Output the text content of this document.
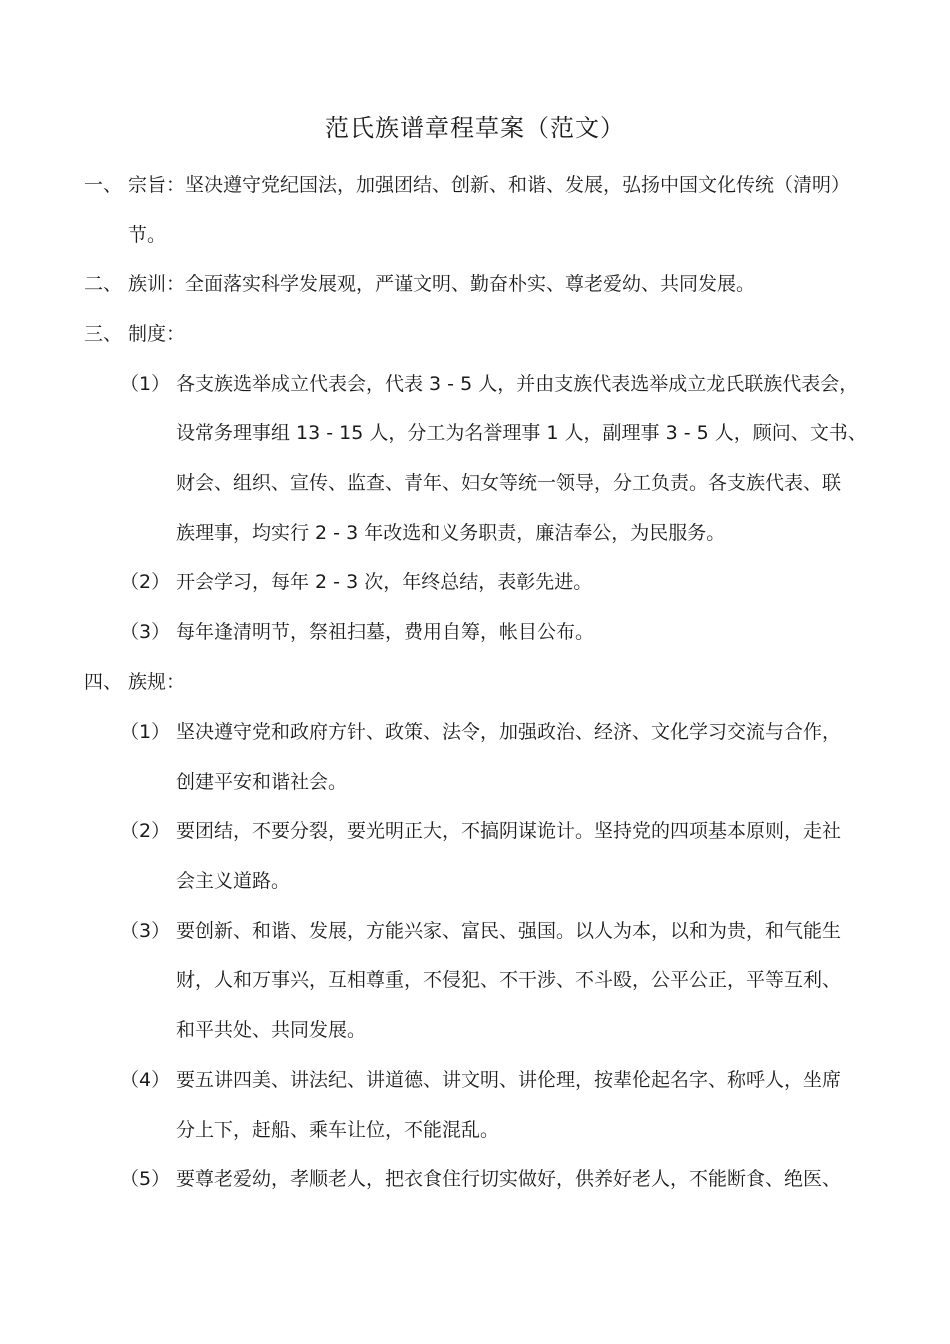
范氏族谱章程草案（范文）
一、 宗旨：坚决遵守党纪国法，加强团结、创新、和谐、发展，弘扬中国文化传统（清明）
节。
二、 族训：全面落实科学发展观，严谨文明、勤奋朴实、尊老爱幼、共同发展。
三、 制度：
（1） 各支族选举成立代表会，代表 3 - 5 人，并由支族代表选举成立龙氏联族代表会，
设常务理事组 13 - 15 人，分工为名誉理事 1 人，副理事 3 - 5 人，顾问、文书、
财会、组织、宣传、监查、青年、妇女等统一领导，分工负责。各支族代表、联
族理事，均实行 2 - 3 年改选和义务职责，廉洁奉公，为民服务。
（2） 开会学习，每年 2 - 3 次，年终总结，表彰先进。
（3） 每年逢清明节，祭祖扫墓，费用自筹，帐目公布。
四、 族规：
（1） 坚决遵守党和政府方针、政策、法令，加强政治、经济、文化学习交流与合作，
创建平安和谐社会。
（2） 要团结，不要分裂，要光明正大，不搞阴谋诡计。坚持党的四项基本原则，走社
会主义道路。
（3） 要创新、和谐、发展，方能兴家、富民、强国。以人为本，以和为贵，和气能生
财，人和万事兴，互相尊重，不侵犯、不干涉、不斗殴，公平公正，平等互利、
和平共处、共同发展。
（4） 要五讲四美、讲法纪、讲道德、讲文明、讲伦理，按辈伦起名字、称呼人，坐席
分上下，赶船、乘车让位，不能混乱。
（5） 要尊老爱幼，孝顺老人，把衣食住行切实做好，供养好老人，不能断食、绝医、
